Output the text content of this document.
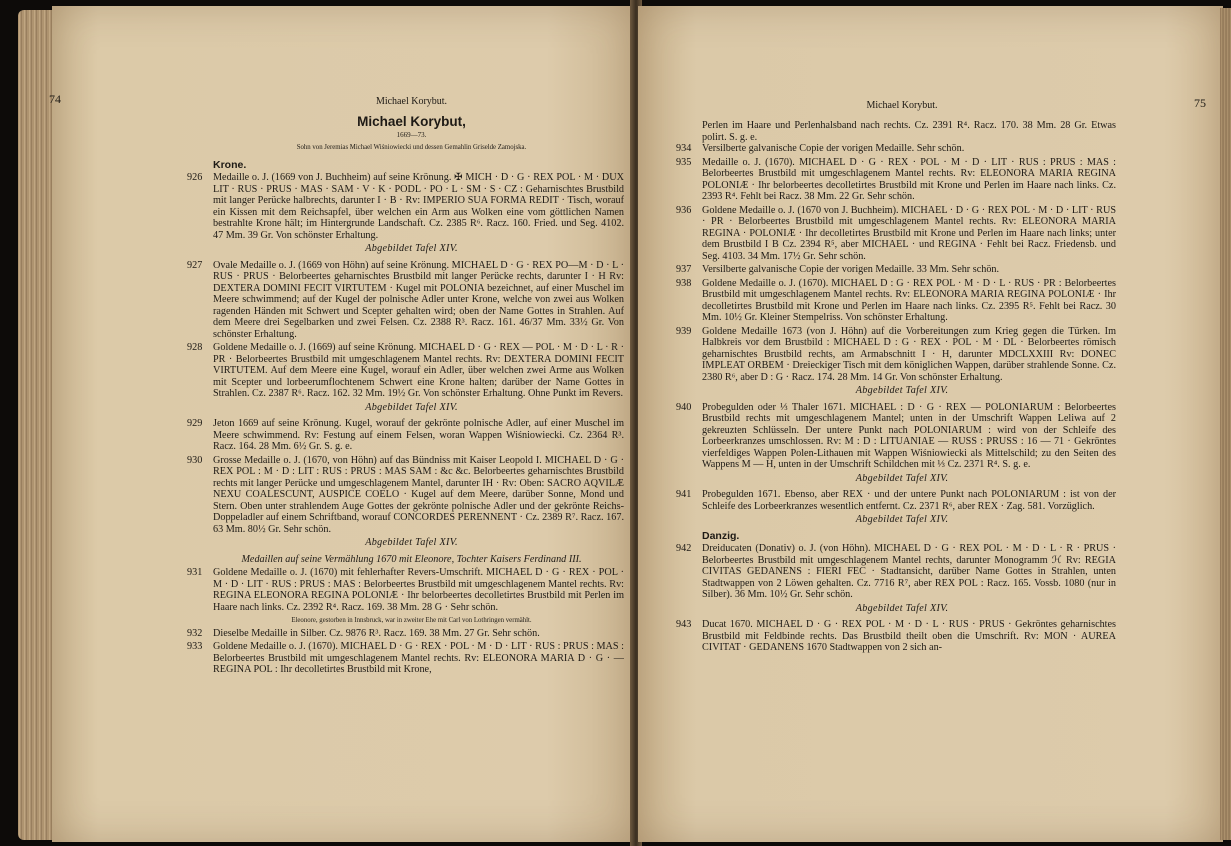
74	Michael Korybut.
Michael Korybut,
1669—73.
Sohn von Jeremias Michael Wiśniowiecki und dessen Gemahlin Griselde Zamojska.
Krone.
926 Medaille o. J. (1669 von J. Buchheim) auf seine Krönung. ✠ MICH · D · G · REX POL · M · DUX LIT · RUS · PRUS · MAS · SAM · V · K · PODL · PO · L · SM · S · CZ : Geharnischtes Brustbild mit langer Perücke halbrechts, darunter I · B · Rv: IMPERIO SUA FORMA REDIT · Tisch, worauf ein Kissen mit dem Reichsapfel, über welchen ein Arm aus Wolken eine vom göttlichen Namen bestrahlte Krone hält; im Hintergrunde Landschaft. Cz. 2385 R⁶. Racz. 160. Fried. und Seg. 4102. 47 Mm. 39 Gr. Von schönster Erhaltung.
Abgebildet Tafel XIV.
927 Ovale Medaille o. J. (1669 von Höhn) auf seine Krönung. MICHAEL D · G · REX PO—M · D · L · RUS · PRUS · Belorbeertes geharnischtes Brustbild mit langer Perücke rechts, darunter I · H Rv: DEXTERA DOMINI FECIT VIRTUTEM · Kugel mit POLONIA bezeichnet, auf einer Muschel im Meere schwimmend; auf der Kugel der polnische Adler unter Krone, welche von zwei aus Wolken ragenden Händen mit Schwert und Scepter gehalten wird; oben der Name Gottes in Strahlen. Auf dem Meere drei Segelbarken und zwei Felsen. Cz. 2388 R³. Racz. 161. 46/37 Mm. 33½ Gr. Von schönster Erhaltung.
928 Goldene Medaille o. J. (1669) auf seine Krönung. MICHAEL D · G · REX — POL · M · D · L · R · PR · Belorbeertes Brustbild mit umgeschlagenem Mantel rechts. Rv: DEXTERA DOMINI FECIT VIRTUTEM. Auf dem Meere eine Kugel, worauf ein Adler, über welchen zwei Arme aus Wolken mit Scepter und lorbeerumflochtenem Schwert eine Krone halten; darüber der Name Gottes in Strahlen. Cz. 2387 R⁶. Racz. 162. 32 Mm. 19½ Gr. Von schönster Erhaltung. Ohne Punkt im Revers.
Abgebildet Tafel XIV.
929 Jeton 1669 auf seine Krönung. Kugel, worauf der gekrönte polnische Adler, auf einer Muschel im Meere schwimmend. Rv: Festung auf einem Felsen, woran Wappen Wiśniowiecki. Cz. 2364 R³. Racz. 164. 28 Mm. 6½ Gr. S. g. e.
930 Grosse Medaille o. J. (1670, von Höhn) auf das Bündniss mit Kaiser Leopold I. MICHAEL D · G · REX POL : M · D : LIT : RUS : PRUS : MAS SAM : &c &c. Belorbeertes geharnischtes Brustbild rechts mit langer Perücke und umgeschlagenem Mantel, darunter IH · Rv: Oben: SACRO AQVILÆ NEXU COALESCUNT, AUSPICE COELO · Kugel auf dem Meere, darüber Sonne, Mond und Stern. Oben unter strahlendem Auge Gottes der gekrönte polnische Adler und der gekrönte Reichs-Doppeladler auf einem Schriftband, worauf CONCORDES PERENNENT · Cz. 2389 R⁷. Racz. 167. 63 Mm. 80½ Gr. Sehr schön.
Abgebildet Tafel XIV.
Medaillen auf seine Vermählung 1670 mit Eleonore, Tochter Kaisers Ferdinand III.
931 Goldene Medaille o. J. (1670) mit fehlerhafter Revers-Umschrift. MICHAEL D · G · REX · POL · M · D · LIT · RUS : PRUS : MAS : Belorbeertes Brustbild mit umgeschlagenem Mantel rechts. Rv: REGINA ELEONORA REGINA POLONIÆ · Ihr belorbeertes decolletirtes Brustbild mit Perlen im Haare nach links. Cz. 2392 R⁴. Racz. 169. 38 Mm. 28 G · Sehr schön.
Eleonore, gestorben in Innsbruck, war in zweiter Ehe mit Carl von Lothringen vermählt.
932 Dieselbe Medaille in Silber. Cz. 9876 R³. Racz. 169. 38 Mm. 27 Gr. Sehr schön.
933 Goldene Medaille o. J. (1670). MICHAEL D · G · REX · POL · M · D · LIT · RUS : PRUS : MAS : Belorbeertes Brustbild mit umgeschlagenem Mantel rechts. Rv: ELEONORA MARIA D · G · — REGINA POL : Ihr decolletirtes Brustbild mit Krone,
Michael Korybut.	75
Perlen im Haare und Perlenhalsband nach rechts. Cz. 2391 R⁴. Racz. 170. 38 Mm. 28 Gr. Etwas polirt. S. g. e.
934 Versilberte galvanische Copie der vorigen Medaille. Sehr schön.
935 Medaille o. J. (1670). MICHAEL D · G · REX · POL · M · D · LIT · RUS : PRUS : MAS : Belorbeertes Brustbild mit umgeschlagenem Mantel rechts. Rv: ELEONORA MARIA REGINA POLONIÆ · Ihr belorbeertes decolletirtes Brustbild mit Krone und Perlen im Haare nach links. Cz. 2393 R⁴. Fehlt bei Racz. 38 Mm. 22 Gr. Sehr schön.
936 Goldene Medaille o. J. (1670 von J. Buchheim). MICHAEL · D · G · REX POL · M · D · LIT · RUS · PR · Belorbeertes Brustbild mit umgeschlagenem Mantel rechts. Rv: ELEONORA MARIA REGINA · POLONIÆ · Ihr decolletirtes Brustbild mit Krone und Perlen im Haare nach links; unter dem Brustbild I B Cz. 2394 R⁵, aber MICHAEL · und REGINA · Fehlt bei Racz. Friedensb. und Seg. 4103. 34 Mm. 17½ Gr. Sehr schön.
937 Versilberte galvanische Copie der vorigen Medaille. 33 Mm. Sehr schön.
938 Goldene Medaille o. J. (1670). MICHAEL D : G · REX POL · M · D · L · RUS · PR : Belorbeertes Brustbild mit umgeschlagenem Mantel rechts. Rv: ELEONORA MARIA REGINA POLONIÆ · Ihr decolletirtes Brustbild mit Krone und Perlen im Haare nach links. Cz. 2395 R⁵. Fehlt bei Racz. 30 Mm. 10½ Gr. Kleiner Stempelriss. Von schönster Erhaltung.
939 Goldene Medaille 1673 (von J. Höhn) auf die Vorbereitungen zum Krieg gegen die Türken. Im Halbkreis vor dem Brustbild : MICHAEL D : G · REX · POL · M · DL · Belorbeertes römisch geharnischtes Brustbild rechts, am Armabschnitt I · H, darunter MDCLXXIII Rv: DONEC IMPLEAT ORBEM · Dreieckiger Tisch mit dem königlichen Wappen, darüber strahlende Sonne. Cz. 2380 R⁶, aber D : G · Racz. 174. 28 Mm. 14 Gr. Von schönster Erhaltung.
Abgebildet Tafel XIV.
940 Probegulden oder ⅓ Thaler 1671. MICHAEL : D · G · REX — POLONIARUM : Belorbeertes Brustbild rechts mit umgeschlagenem Mantel; unten in der Umschrift Wappen Leliwa auf 2 gekreuzten Schlüsseln. Der untere Punkt nach POLONIARUM : wird von der Schleife des Lorbeerkranzes umschlossen. Rv: M : D : LITUANIAE — RUSS : PRUSS : 16 — 71 · Gekröntes vierfeldiges Wappen Polen-Lithauen mit Wappen Wiśniowiecki als Mittelschild; zu den Seiten des Wappens M — H, unten in der Umschrift Schildchen mit ⅓ Cz. 2371 R⁴. S. g. e.
Abgebildet Tafel XIV.
941 Probegulden 1671. Ebenso, aber REX · und der untere Punkt nach POLONIARUM : ist von der Schleife des Lorbeerkranzes wesentlich entfernt. Cz. 2371 R⁶, aber REX · Zag. 581. Vorzüglich.
Abgebildet Tafel XIV.
Danzig.
942 Dreiducaten (Donativ) o. J. (von Höhn). MICHAEL D · G · REX POL · M · D · L · R · PRUS · Belorbeertes Brustbild mit umgeschlagenem Mantel rechts, darunter Monogramm ℋ Rv: REGIA CIVITAS GEDANENS : FIERI FEC · Stadtansicht, darüber Name Gottes in Strahlen, unten Stadtwappen von 2 Löwen gehalten. Cz. 7716 R⁷, aber REX POL : Racz. 165. Vossb. 1080 (nur in Silber). 36 Mm. 10½ Gr. Sehr schön.
Abgebildet Tafel XIV.
943 Ducat 1670. MICHAEL D · G · REX POL · M · D · L · RUS · PRUS · Gekröntes geharnischtes Brustbild mit Feldbinde rechts. Das Brustbild theilt oben die Umschrift. Rv: MON · AUREA CIVITAT · GEDANENS 1670 Stadtwappen von 2 sich an-
